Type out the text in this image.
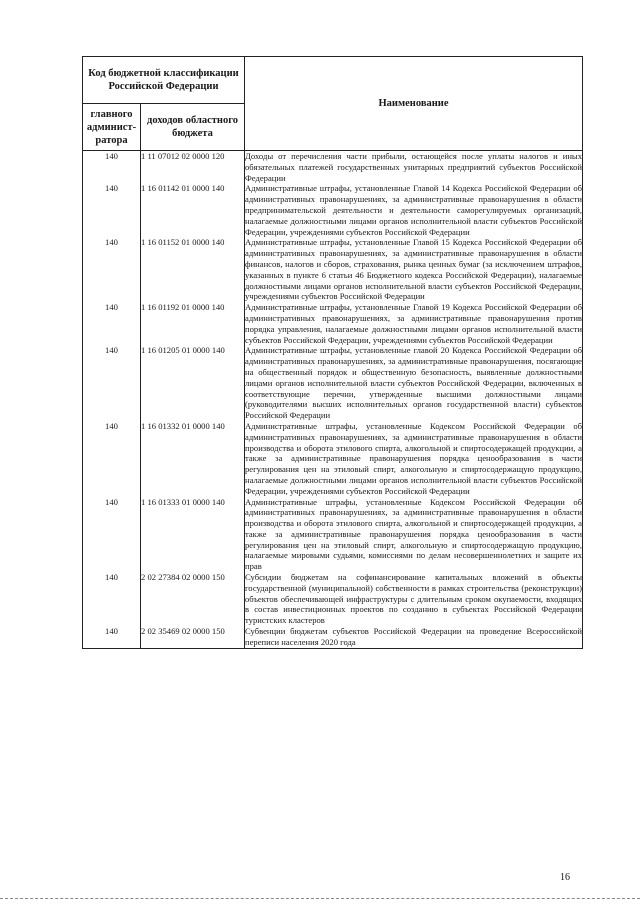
Код бюджетной классификации Российской Федерации		Наименование
главного админист-ратора	доходов областного бюджета	
140	1 11 07012 02 0000 120	Доходы от перечисления части прибыли, остающейся после уплаты налогов и иных обязательных платежей государственных унитарных предприятий субъектов Российской Федерации
140	1 16 01142 01 0000 140	Административные штрафы, установленные Главой 14 Кодекса Российской Федерации об административных правонарушениях, за административные правонарушения в области предпринимательской деятельности и деятельности саморегулируемых организаций, налагаемые должностными лицами органов исполнительной власти субъектов Российской Федерации, учреждениями субъектов Российской Федерации
140	1 16 01152 01 0000 140	Административные штрафы, установленные Главой 15 Кодекса Российской Федерации об административных правонарушениях, за административные правонарушения в области финансов, налогов и сборов, страхования, рынка ценных бумаг (за исключением штрафов, указанных в пункте 6 статьи 46 Бюджетного кодекса Российской Федерации), налагаемые должностными лицами органов исполнительной власти субъектов Российской Федерации, учреждениями субъектов Российской Федерации
140	1 16 01192 01 0000 140	Административные штрафы, установленные Главой 19 Кодекса Российской Федерации об административных правонарушениях, за административные правонарушения против порядка управления, налагаемые должностными лицами органов исполнительной власти субъектов Российской Федерации, учреждениями субъектов Российской Федерации
140	1 16 01205 01 0000 140	Административные штрафы, установленные главой 20 Кодекса Российской Федерации об административных правонарушениях, за административные правонарушения, посягающие на общественный порядок и общественную безопасность, выявленные должностными лицами органов исполнительной власти субъектов Российской Федерации, включенных в соответствующие перечни, утвержденные высшими должностными лицами (руководителями высших исполнительных органов государственной власти) субъектов Российской Федерации
140	1 16 01332 01 0000 140	Административные штрафы, установленные Кодексом Российской Федерации об административных правонарушениях, за административные правонарушения в области производства и оборота этилового спирта, алкогольной и спиртосодержащей продукции, а также за административные правонарушения порядка ценообразования в части регулирования цен на этиловый спирт, алкогольную и спиртосодержащую продукцию, налагаемые должностными лицами органов исполнительной власти субъектов Российской Федерации, учреждениями субъектов Российской Федерации
140	1 16 01333 01 0000 140	Административные штрафы, установленные Кодексом Российской Федерации об административных правонарушениях, за административные правонарушения в области производства и оборота этилового спирта, алкогольной и спиртосодержащей продукции, а также за административные правонарушения порядка ценообразования в части регулирования цен на этиловый спирт, алкогольную и спиртосодержащую продукцию, налагаемые мировыми судьями, комиссиями по делам несовершеннолетних и защите их прав
140	2 02 27384 02 0000 150	Субсидии бюджетам на софинансирование капитальных вложений в объекты государственной (муниципальной) собственности в рамках строительства (реконструкции) объектов обеспечивающей инфраструктуры с длительным сроком окупаемости, входящих в состав инвестиционных проектов по созданию в субъектах Российской Федерации туристских кластеров
140	2 02 35469 02 0000 150	Субвенции бюджетам субъектов Российской Федерации на проведение Всероссийской переписи населения 2020 года
16
